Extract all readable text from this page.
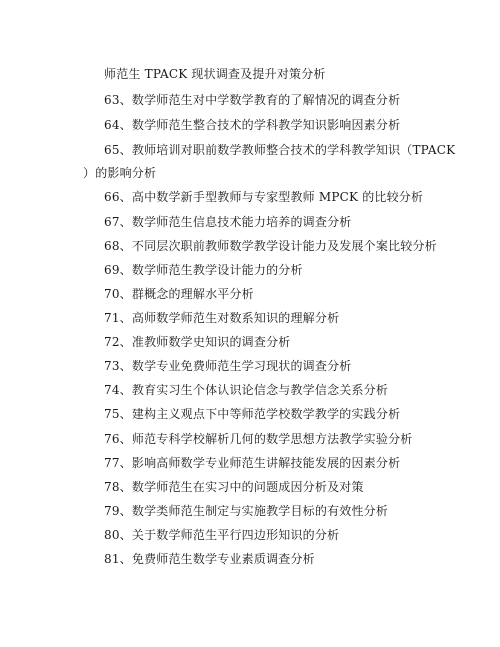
师范生 TPACK 现状调查及提升对策分析
63、数学师范生对中学数学教育的了解情况的调查分析
64、数学师范生整合技术的学科教学知识影响因素分析
65、教师培训对职前数学教师整合技术的学科教学知识（TPACK
）的影响分析
66、高中数学新手型教师与专家型教师 MPCK 的比较分析
67、数学师范生信息技术能力培养的调查分析
68、不同层次职前教师数学教学设计能力及发展个案比较分析
69、数学师范生教学设计能力的分析
70、群概念的理解水平分析
71、高师数学师范生对数系知识的理解分析
72、准教师数学史知识的调查分析
73、数学专业免费师范生学习现状的调查分析
74、教育实习生个体认识论信念与教学信念关系分析
75、建构主义观点下中等师范学校数学教学的实践分析
76、师范专科学校解析几何的数学思想方法教学实验分析
77、影响高师数学专业师范生讲解技能发展的因素分析
78、数学师范生在实习中的问题成因分析及对策
79、数学类师范生制定与实施教学目标的有效性分析
80、关于数学师范生平行四边形知识的分析
81、免费师范生数学专业素质调查分析
